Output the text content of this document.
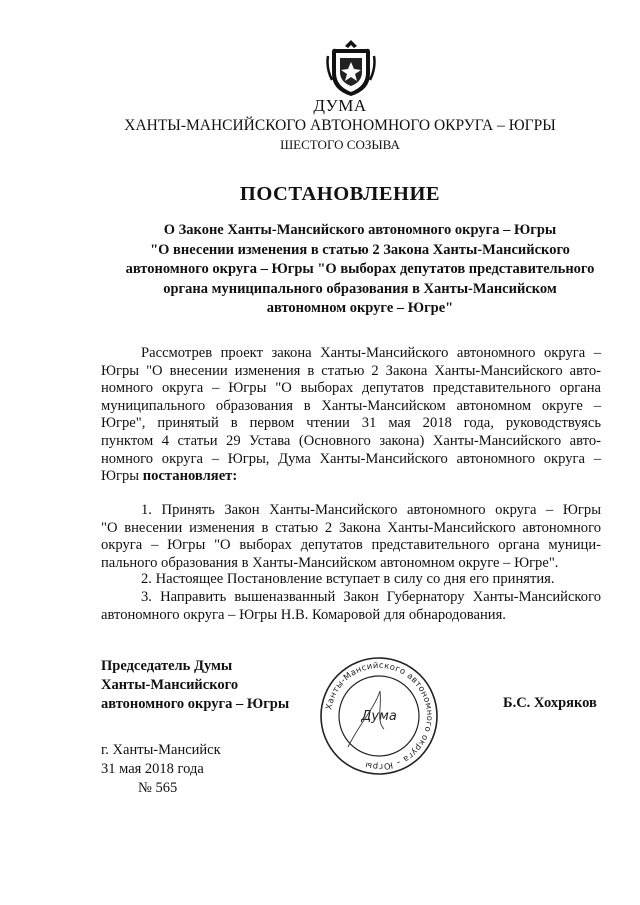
ДУМА
ХАНТЫ-МАНСИЙСКОГО АВТОНОМНОГО ОКРУГА – ЮГРЫ
ШЕСТОГО СОЗЫВА
ПОСТАНОВЛЕНИЕ
О Законе Ханты-Мансийского автономного округа – Югры
"О внесении изменения в статью 2 Закона Ханты-Мансийского
автономного округа – Югры "О выборах депутатов представительного
органа муниципального образования в Ханты-Мансийском
автономном округе – Югре"
Рассмотрев проект закона Ханты-Мансийского автономного округа –
Югры "О внесении изменения в статью 2 Закона Ханты-Мансийского авто-
номного округа – Югры "О выборах депутатов представительного органа
муниципального образования в Ханты-Мансийском автономном округе –
Югре", принятый в первом чтении 31 мая 2018 года, руководствуясь
пунктом 4 статьи 29 Устава (Основного закона) Ханты-Мансийского авто-
номного округа – Югры, Дума Ханты-Мансийского автономного округа –
Югры постановляет:
1. Принять Закон Ханты-Мансийского автономного округа – Югры
"О внесении изменения в статью 2 Закона Ханты-Мансийского автономного
округа – Югры "О выборах депутатов представительного органа муници-
пального образования в Ханты-Мансийском автономном округе – Югре".
2. Настоящее Постановление вступает в силу со дня его принятия.
3. Направить вышеназванный Закон Губернатору Ханты-Мансийского
автономного округа – Югры Н.В. Комаровой для обнародования.
Председатель Думы
Ханты-Мансийского
автономного округа – Югры	Ханты-Мансийского автономного округа – Югры
Дума
Б.С. Хохряков
г. Ханты-Мансийск
31 мая 2018 года
№ 565
